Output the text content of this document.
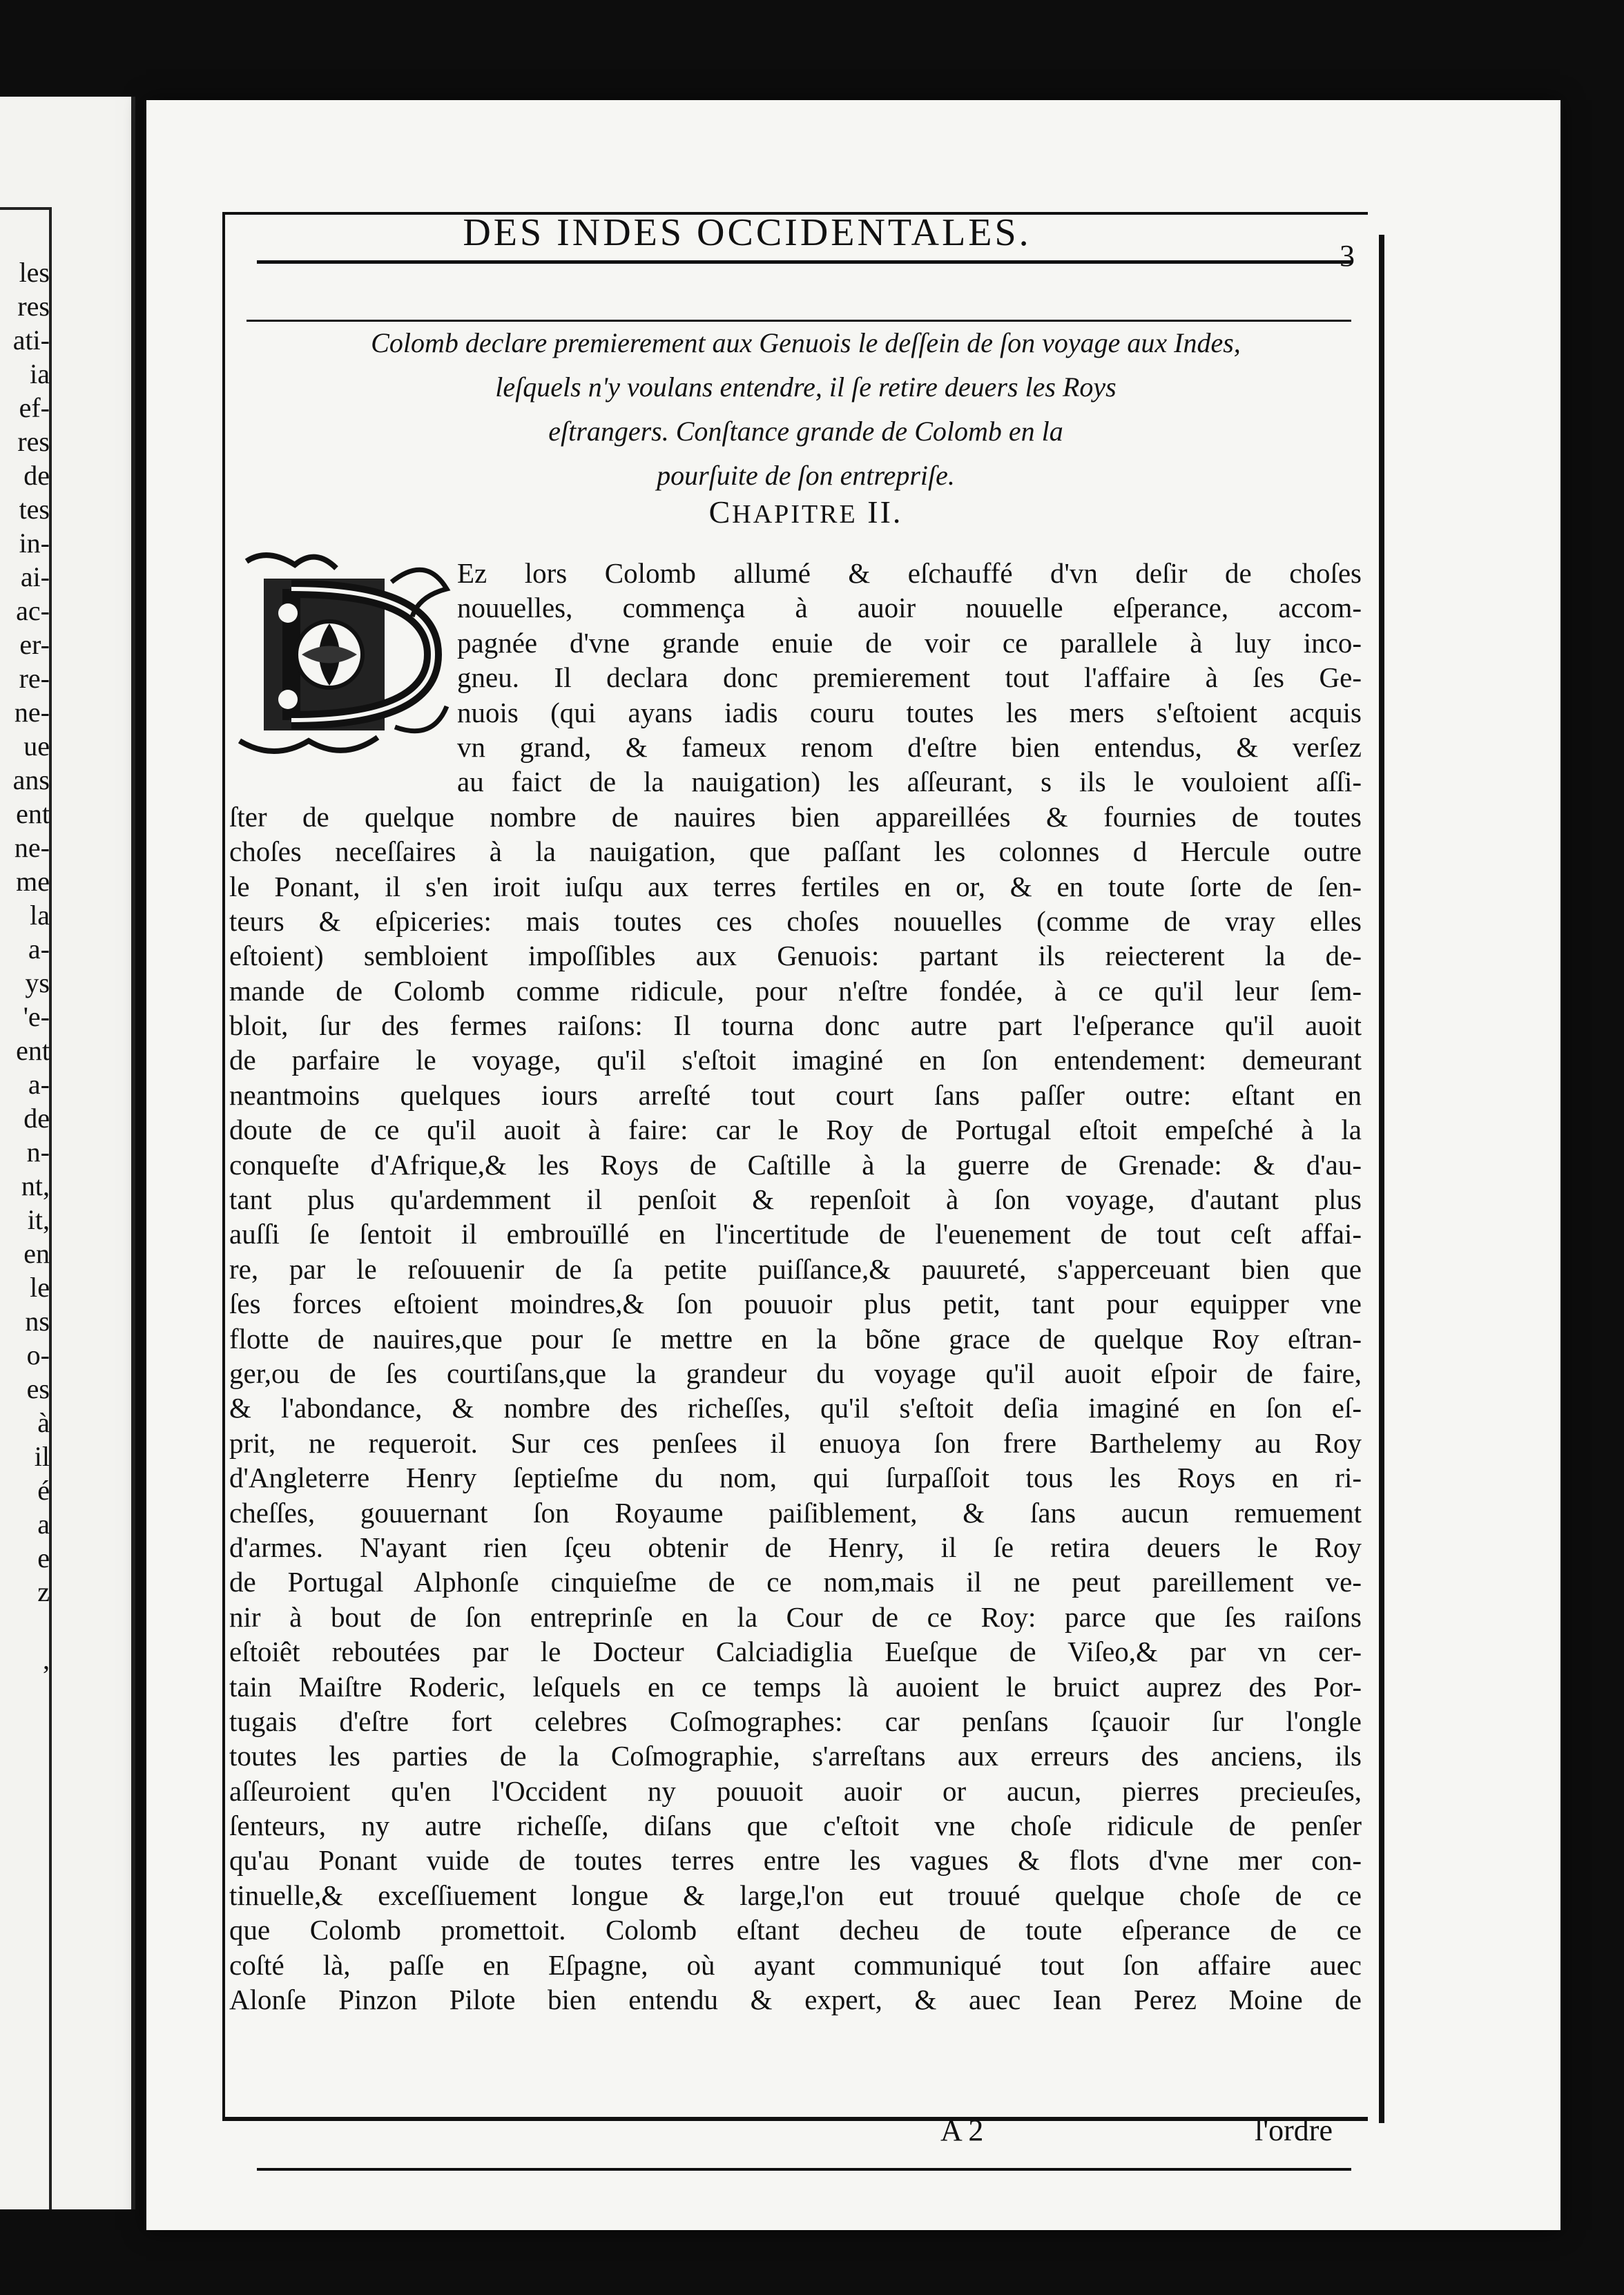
les
res
ati-
ia
ef-
res
de
tes
in-
ai-
ac-
er-
re-
ne-
ue
ans
ent
ne-
me
la
a-
ys
'e-
ent
a-
de
n-
nt,
it,
en
le
ns
o-
es
à
il
é
a
e
z
,
DES INDES OCCIDENTALES.
3
Colomb declare premierement aux Genuois le deſſein de ſon voyage aux Indes,
leſquels n'y voulans entendre, il ſe retire deuers les Roys
eſtrangers. Conſtance grande de Colomb en la
pourſuite de ſon entrepriſe.
CHAPITRE II.
Ez lors Colomb allumé & eſchauffé d'vn deſir de choſes
nouuelles, commença à auoir nouuelle eſperance, accom-
pagnée d'vne grande enuie de voir ce parallele à luy inco-
gneu. Il declara donc premierement tout l'affaire à ſes Ge-
nuois (qui ayans iadis couru toutes les mers s'eſtoient acquis
vn grand, & fameux renom d'eſtre bien entendus, & verſez
au faict de la nauigation) les aſſeurant, s ils le vouloient aſſi-
ſter de quelque nombre de nauires bien appareillées & fournies de toutes
choſes neceſſaires à la nauigation, que paſſant les colonnes d Hercule outre
le Ponant, il s'en iroit iuſqu aux terres fertiles en or, & en toute ſorte de ſen-
teurs & eſpiceries: mais toutes ces choſes nouuelles (comme de vray elles
eſtoient) sembloient impoſſibles aux Genuois: partant ils reiecterent la de-
mande de Colomb comme ridicule, pour n'eſtre fondée, à ce qu'il leur ſem-
bloit, ſur des fermes raiſons: Il tourna donc autre part l'eſperance qu'il auoit
de parfaire le voyage, qu'il s'eſtoit imaginé en ſon entendement: demeurant
neantmoins quelques iours arreſté tout court ſans paſſer outre: eſtant en
doute de ce qu'il auoit à faire: car le Roy de Portugal eſtoit empeſché à la
conqueſte d'Afrique,& les Roys de Caſtille à la guerre de Grenade: & d'au-
tant plus qu'ardemment il penſoit & repenſoit à ſon voyage, d'autant plus
auſſi ſe ſentoit il embrouïllé en l'incertitude de l'euenement de tout ceſt affai-
re, par le reſouuenir de ſa petite puiſſance,& pauureté, s'apperceuant bien que
ſes forces eſtoient moindres,& ſon pouuoir plus petit, tant pour equipper vne
flotte de nauires,que pour ſe mettre en la bõne grace de quelque Roy eſtran-
ger,ou de ſes courtiſans,que la grandeur du voyage qu'il auoit eſpoir de faire,
& l'abondance, & nombre des richeſſes, qu'il s'eſtoit deſia imaginé en ſon eſ-
prit, ne requeroit. Sur ces penſees il enuoya ſon frere Barthelemy au Roy
d'Angleterre Henry ſeptieſme du nom, qui ſurpaſſoit tous les Roys en ri-
cheſſes, gouuernant ſon Royaume paiſiblement, & ſans aucun remuement
d'armes. N'ayant rien ſçeu obtenir de Henry, il ſe retira deuers le Roy
de Portugal Alphonſe cinquieſme de ce nom,mais il ne peut pareillement ve-
nir à bout de ſon entreprinſe en la Cour de ce Roy: parce que ſes raiſons
eſtoiêt reboutées par le Docteur Calciadiglia Eueſque de Viſeo,& par vn cer-
tain Maiſtre Roderic, leſquels en ce temps là auoient le bruict auprez des Por-
tugais d'eſtre fort celebres Coſmographes: car penſans ſçauoir ſur l'ongle
toutes les parties de la Coſmographie, s'arreſtans aux erreurs des anciens, ils
aſſeuroient qu'en l'Occident ny pouuoit auoir or aucun, pierres precieuſes,
ſenteurs, ny autre richeſſe, diſans que c'eſtoit vne choſe ridicule de penſer
qu'au Ponant vuide de toutes terres entre les vagues & flots d'vne mer con-
tinuelle,& exceſſiuement longue & large,l'on eut trouué quelque choſe de ce
que Colomb promettoit. Colomb eſtant decheu de toute eſperance de ce
coſté là, paſſe en Eſpagne, où ayant communiqué tout ſon affaire auec
Alonſe Pinzon Pilote bien entendu & expert, & auec Iean Perez Moine de
A 2	l'ordre
